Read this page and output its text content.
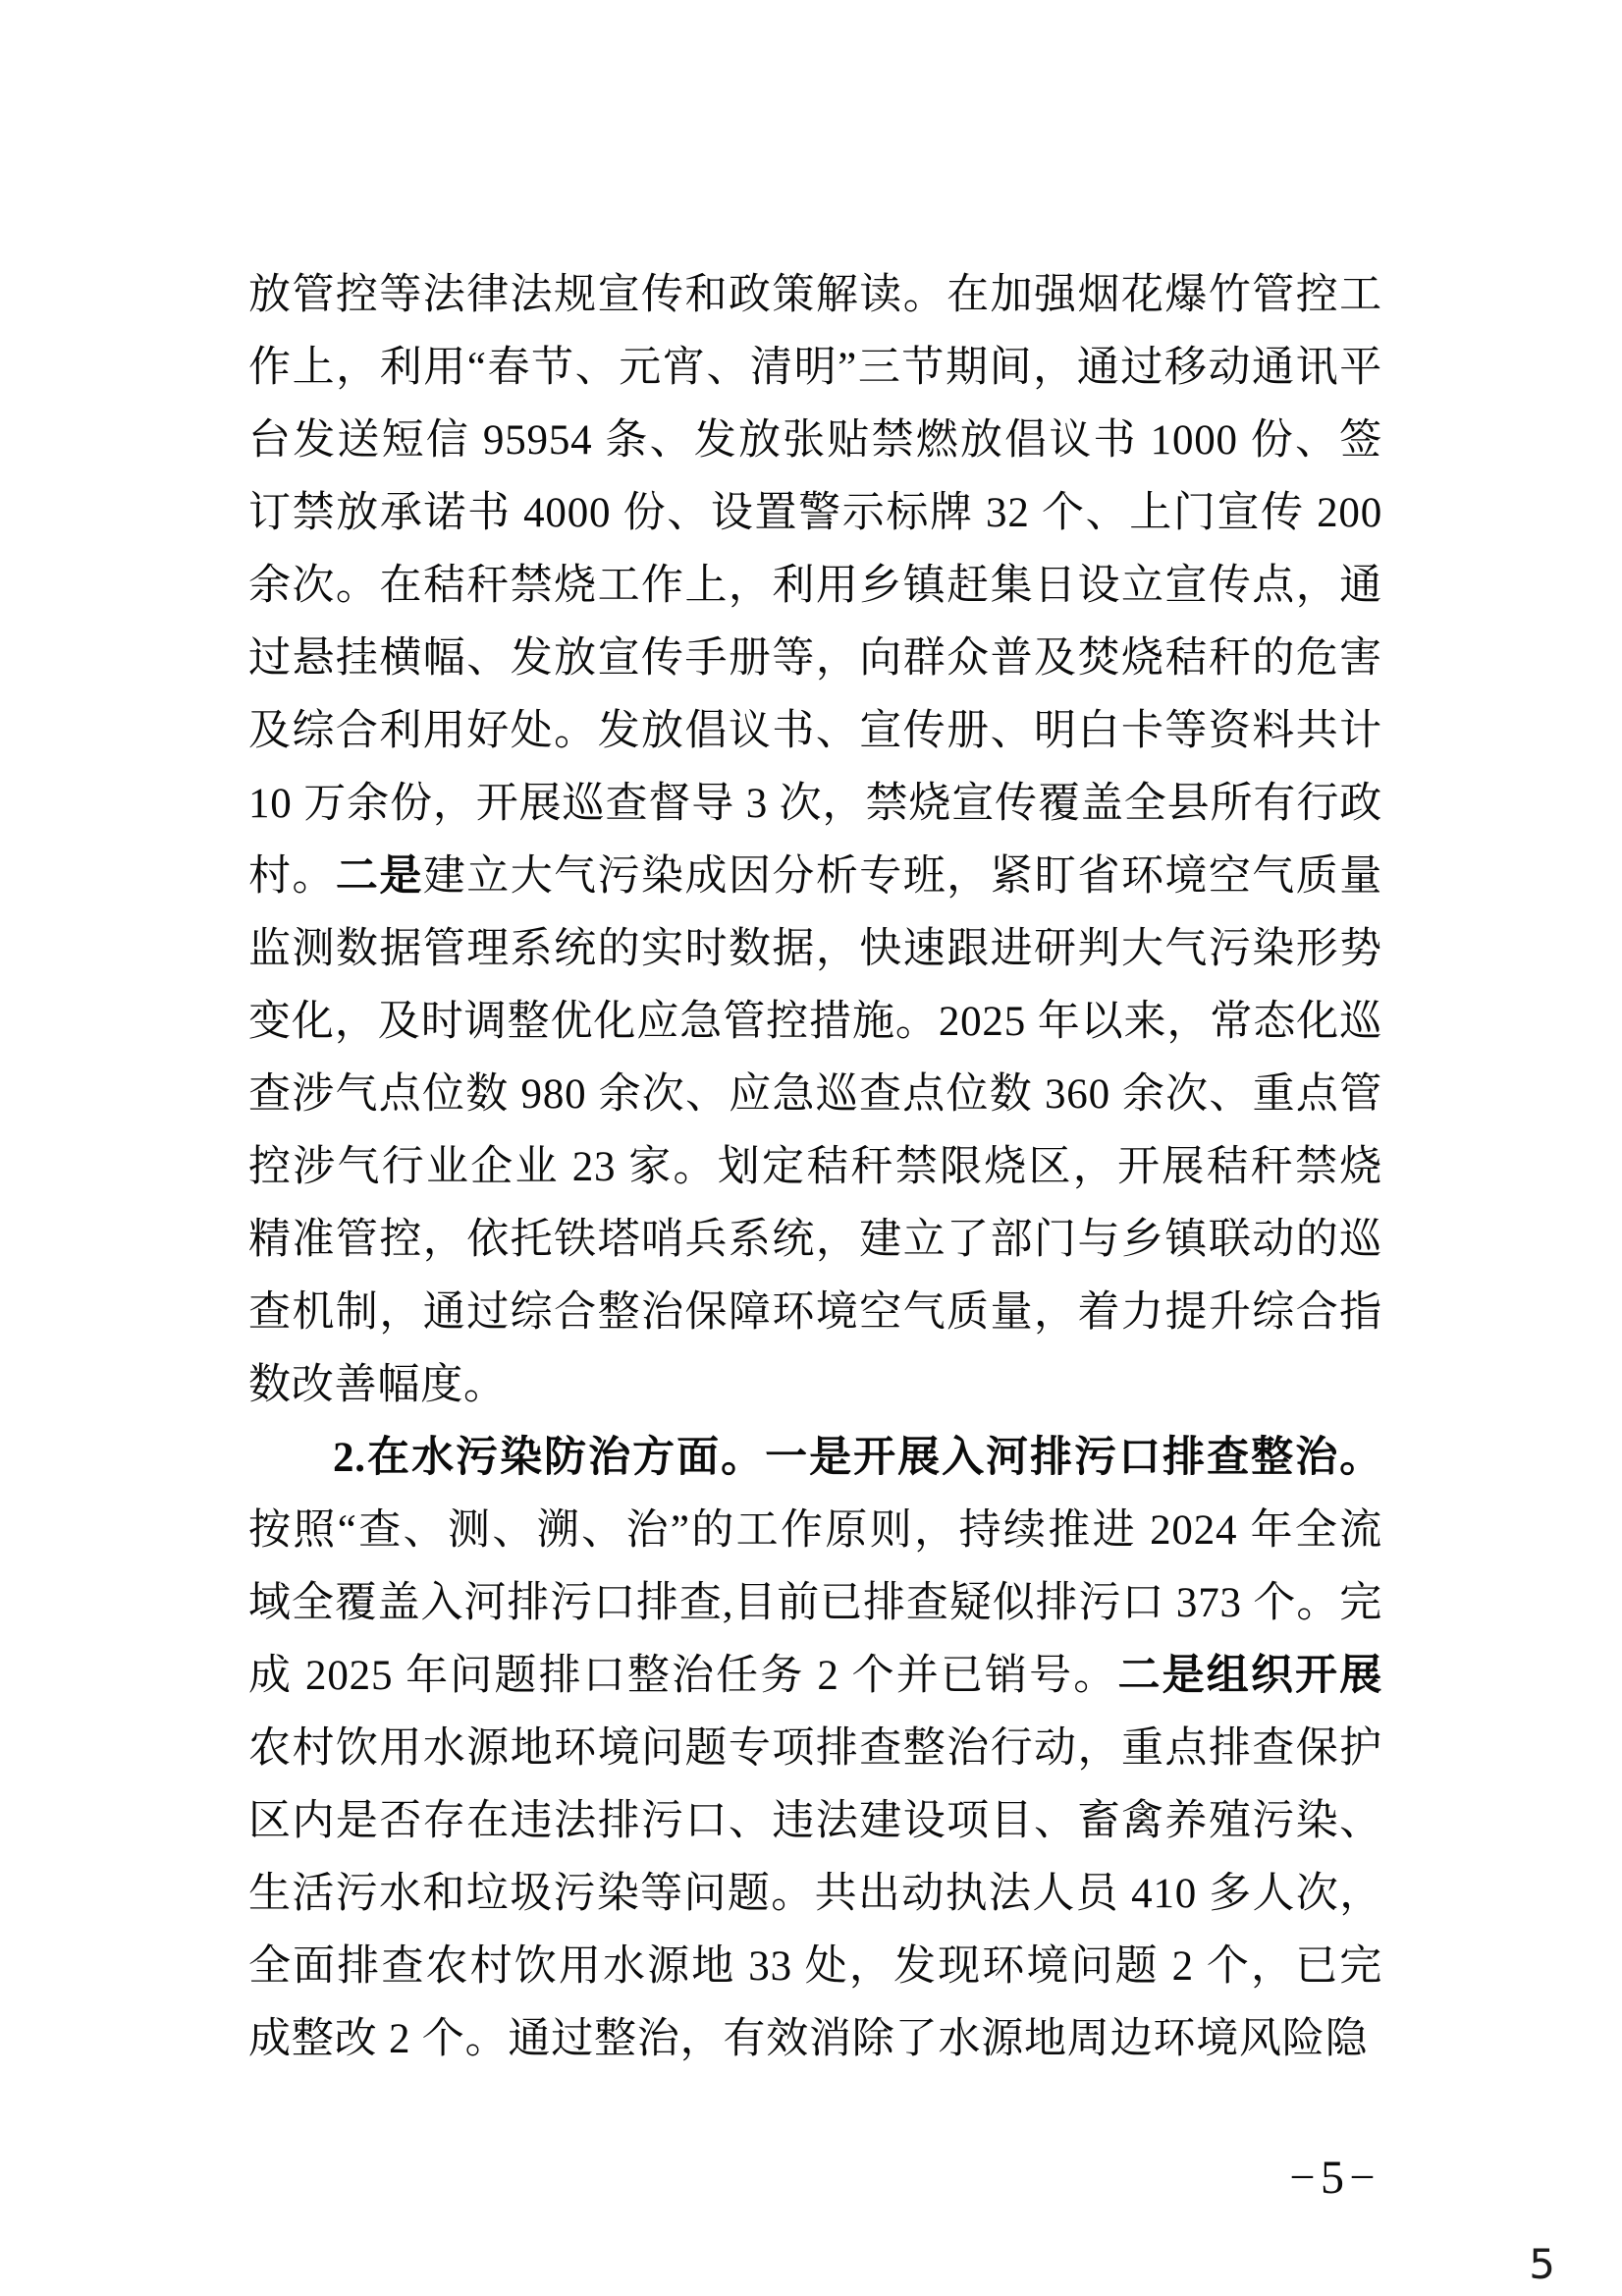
放管控等法律法规宣传和政策解读。在加强烟花爆竹管控工作上，利用“春节、元宵、清明”三节期间，通过移动通讯平台发送短信 95954 条、发放张贴禁燃放倡议书 1000 份、签订禁放承诺书 4000 份、设置警示标牌 32 个、上门宣传 200 余次。在秸秆禁烧工作上，利用乡镇赶集日设立宣传点，通过悬挂横幅、发放宣传手册等，向群众普及焚烧秸秆的危害及综合利用好处。发放倡议书、宣传册、明白卡等资料共计 10 万余份，开展巡查督导 3 次，禁烧宣传覆盖全县所有行政村。二是建立大气污染成因分析专班，紧盯省环境空气质量监测数据管理系统的实时数据，快速跟进研判大气污染形势变化，及时调整优化应急管控措施。2025 年以来，常态化巡查涉气点位数 980 余次、应急巡查点位数 360 余次、重点管控涉气行业企业 23 家。划定秸秆禁限烧区，开展秸秆禁烧精准管控，依托铁塔哨兵系统，建立了部门与乡镇联动的巡查机制，通过综合整治保障环境空气质量，着力提升综合指数改善幅度。

2.在水污染防治方面。一是开展入河排污口排查整治。按照“查、测、溯、治”的工作原则，持续推进 2024 年全流域全覆盖入河排污口排查,目前已排查疑似排污口 373 个。完成 2025 年问题排口整治任务 2 个并已销号。二是组织开展农村饮用水源地环境问题专项排查整治行动，重点排查保护区内是否存在违法排污口、违法建设项目、畜禽养殖污染、生活污水和垃圾污染等问题。共出动执法人员 410 多人次，全面排查农村饮用水源地 33 处，发现环境问题 2 个，已完成整改 2 个。通过整治，有效消除了水源地周边环境风险隐

– 5 –
5
